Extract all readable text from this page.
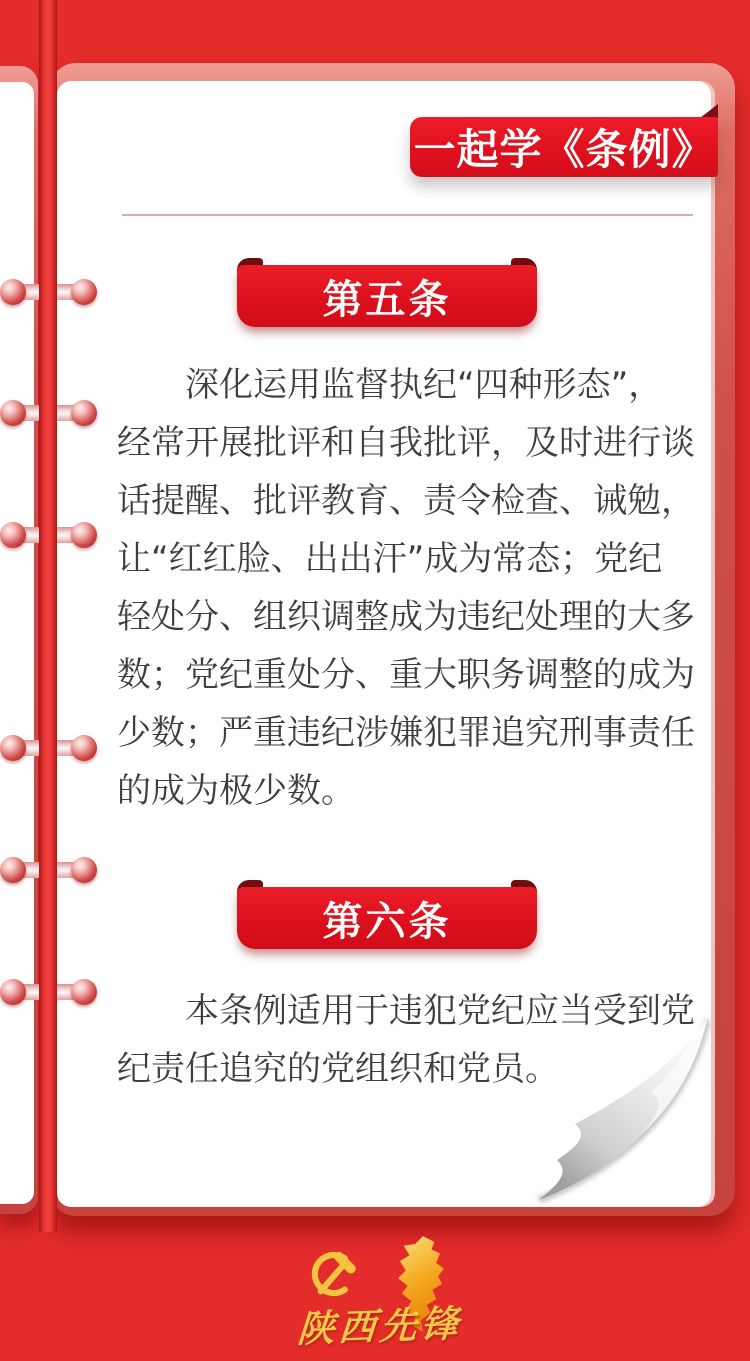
一起学《条例》
第五条
深化运用监督执纪“四种形态”，
经常开展批评和自我批评，及时进行谈
话提醒、批评教育、责令检查、诫勉，
让“红红脸、出出汗”成为常态；党纪
轻处分、组织调整成为违纪处理的大多
数；党纪重处分、重大职务调整的成为
少数；严重违纪涉嫌犯罪追究刑事责任
的成为极少数。
第六条
本条例适用于违犯党纪应当受到党
纪责任追究的党组织和党员。
陕西先锋
